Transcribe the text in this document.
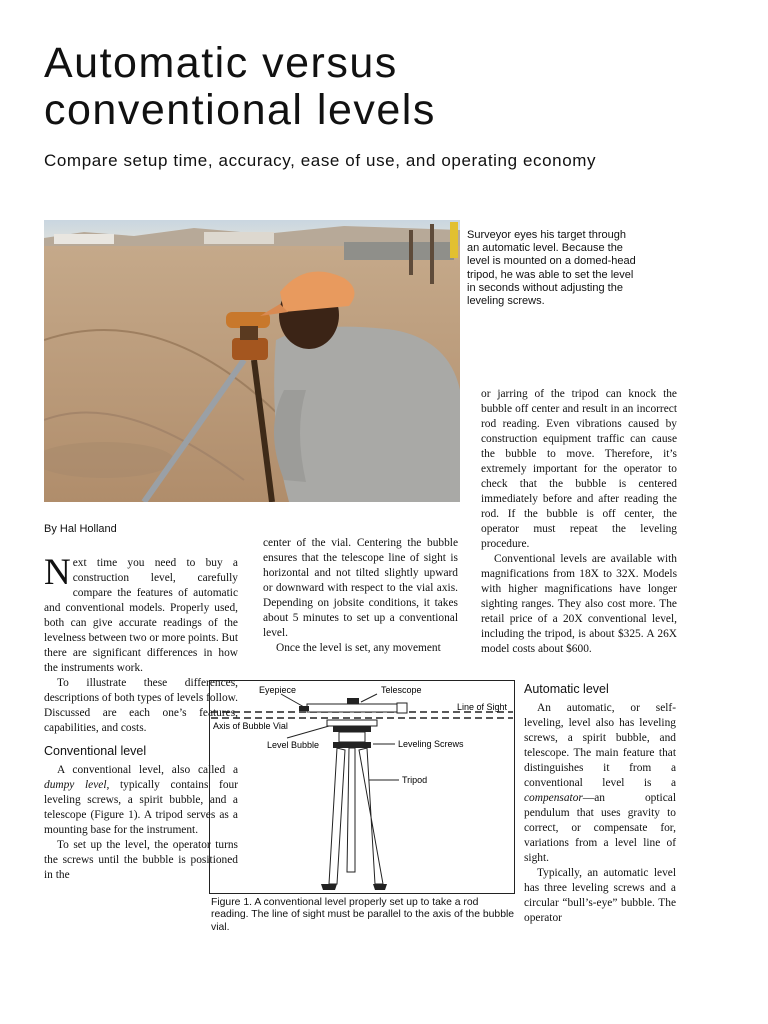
Automatic versus conventional levels

Compare setup time, accuracy, ease of use, and operating economy

Surveyor eyes his target through an automatic level. Because the level is mounted on a domed-head tripod, he was able to set the level in seconds without adjusting the leveling screws.
By Hal Holland

Next time you need to buy a construction level, carefully compare the features of automatic and conventional models. Properly used, both can give accurate readings of the levelness between two or more points. But there are significant differences in how the instruments work.

To illustrate these differences, descriptions of both types of levels follow. Discussed are each one’s features, capabilities, and costs.

Conventional level

A conventional level, also called a dumpy level, typically contains four leveling screws, a spirit bubble, and a telescope (Figure 1). A tripod serves as a mounting base for the instrument.

To set up the level, the operator turns the screws until the bubble is positioned in the

center of the vial. Centering the bubble ensures that the telescope line of sight is horizontal and not tilted slightly upward or downward with respect to the vial axis. Depending on jobsite conditions, it takes about 5 minutes to set up a conventional level.

Once the level is set, any movement

or jarring of the tripod can knock the bubble off center and result in an incorrect rod reading. Even vibrations caused by construction equipment traffic can cause the bubble to move. Therefore, it’s extremely important for the operator to check that the bubble is centered immediately before and after reading the rod. If the bubble is off center, the operator must repeat the leveling procedure.

Conventional levels are available with magnifications from 18X to 32X. Models with higher magnifications have longer sighting ranges. They also cost more. The retail price of a 20X conventional level, including the tripod, is about $325. A 26X model costs about $600.

Automatic level

An automatic, or self-leveling, level also has leveling screws, a spirit bubble, and telescope. The main feature that distinguishes it from a conventional level is a compensator—an optical pendulum that uses gravity to correct, or compensate for, variations from a level line of sight.

Typically, an automatic level has three leveling screws and a circular “bull’s-eye” bubble. The operator

Eyepiece	Telescope
Line of Sight
Axis of Bubble Vial
Level Bubble	Leveling Screws
Tripod
Figure 1. A conventional level properly set up to take a rod reading. The line of sight must be parallel to the axis of the bubble vial.
